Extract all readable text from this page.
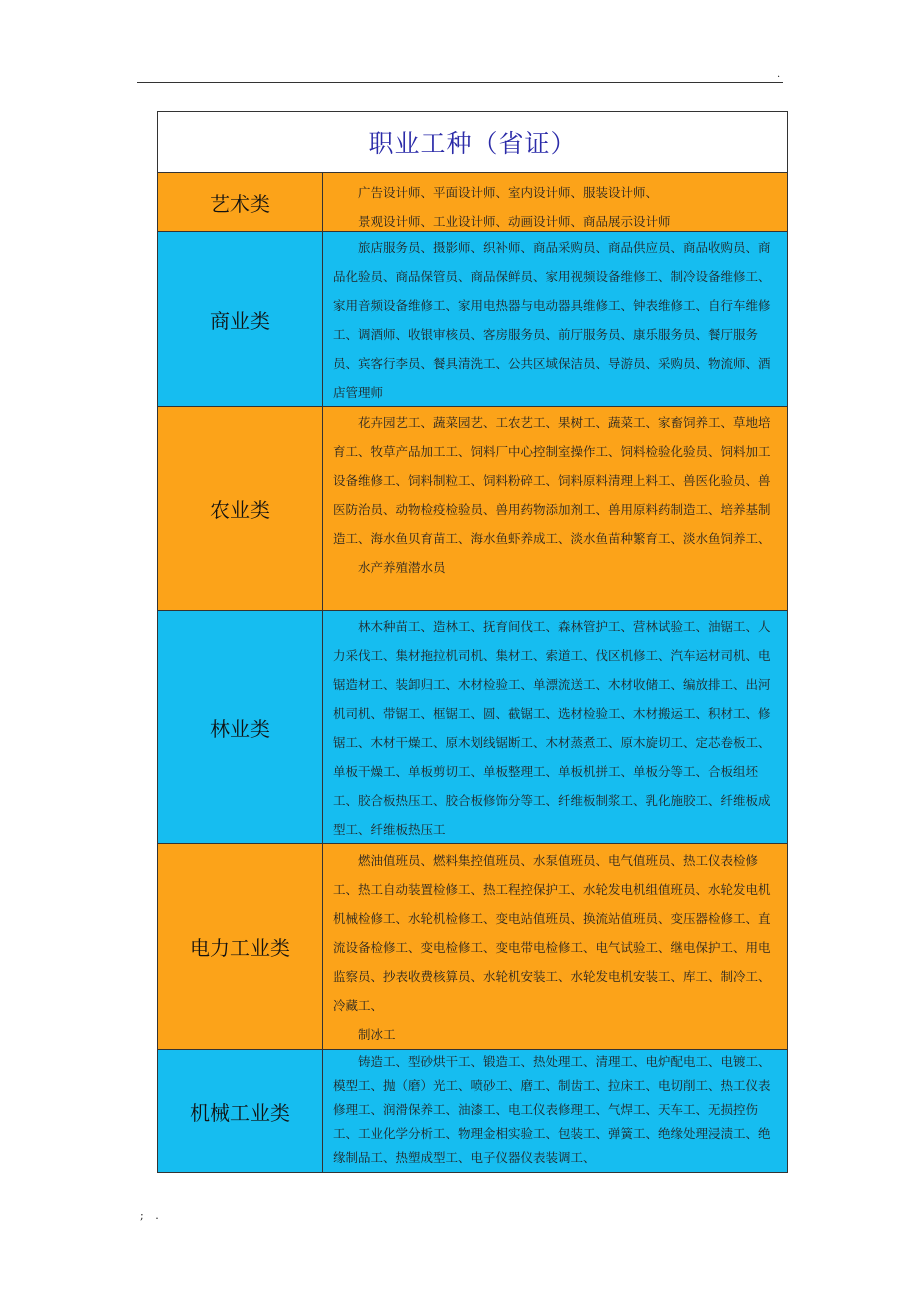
.
职业工种（省证）
艺术类	广告设计师、平面设计师、室内设计师、服装设计师、

景观设计师、工业设计师、动画设计师、商品展示设计师

商业类

旅店服务员、摄影师、织补师、商品采购员、商品供应员、商品收购员、商品化验员、商品保管员、商品保鲜员、家用视频设备维修工、制冷设备维修工、家用音频设备维修工、家用电热器与电动器具维修工、钟表维修工、自行车维修工、调酒师、收银审核员、客房服务员、前厅服务员、康乐服务员、餐厅服务员、宾客行李员、餐具清洗工、公共区域保洁员、导游员、采购员、物流师、酒店管理师

农业类

花卉园艺工、蔬菜园艺、工农艺工、果树工、蔬菜工、家畜饲养工、草地培育工、牧草产品加工工、饲料厂中心控制室操作工、饲料检验化验员、饲料加工设备维修工、饲料制粒工、饲料粉碎工、饲料原料清理上料工、兽医化验员、兽医防治员、动物检疫检验员、兽用药物添加剂工、兽用原料药制造工、培养基制造工、海水鱼贝育苗工、海水鱼虾养成工、淡水鱼苗种繁育工、淡水鱼饲养工、

水产养殖潜水员

林业类

林木种苗工、造林工、抚育间伐工、森林管护工、营林试验工、油锯工、人力采伐工、集材拖拉机司机、集材工、索道工、伐区机修工、汽车运材司机、电锯造材工、装卸归工、木材检验工、单漂流送工、木材收储工、编放排工、出河机司机、带锯工、框锯工、圆、截锯工、选材检验工、木材搬运工、积材工、修锯工、木材干燥工、原木划线锯断工、木材蒸煮工、原木旋切工、定芯卷板工、单板干燥工、单板剪切工、单板整理工、单板机拼工、单板分等工、合板组坯工、胶合板热压工、胶合板修饰分等工、纤维板制浆工、乳化施胶工、纤维板成型工、纤维板热压工

电力工业类

燃油值班员、燃料集控值班员、水泵值班员、电气值班员、热工仪表检修工、热工自动装置检修工、热工程控保护工、水轮发电机组值班员、水轮发电机机械检修工、水轮机检修工、变电站值班员、换流站值班员、变压器检修工、直流设备检修工、变电检修工、变电带电检修工、电气试验工、继电保护工、用电监察员、抄表收费核算员、水轮机安装工、水轮发电机安装工、库工、制冷工、冷藏工、

制冰工

机械工业类

铸造工、型砂烘干工、锻造工、热处理工、清理工、电炉配电工、电镀工、模型工、抛（磨）光工、喷砂工、磨工、制齿工、拉床工、电切削工、热工仪表修理工、润滑保养工、油漆工、电工仪表修理工、气焊工、天车工、无损控伤工、工业化学分析工、物理金相实验工、包装工、弹簧工、绝缘处理浸渍工、绝缘制品工、热塑成型工、电子仪器仪表装调工、

; .
